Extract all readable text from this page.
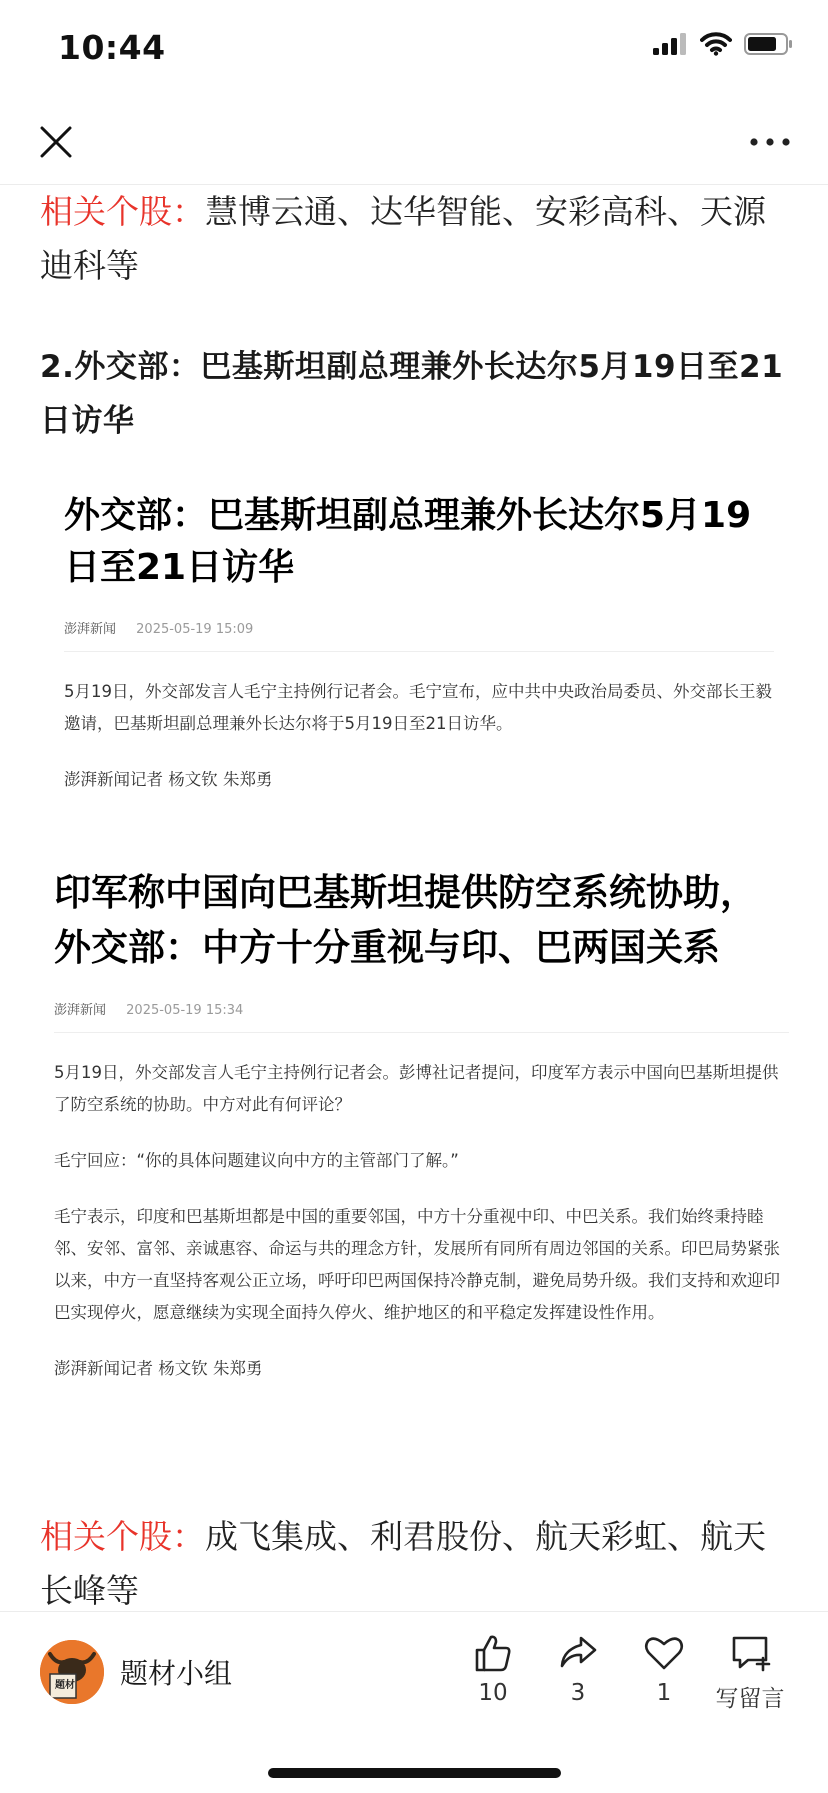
10:44
相关个股：慧博云通、达华智能、安彩高科、天源迪科等
2.外交部：巴基斯坦副总理兼外长达尔5月19日至21日访华
外交部：巴基斯坦副总理兼外长达尔5月19日至21日访华
澎湃新闻 2025-05-19 15:09
5月19日，外交部发言人毛宁主持例行记者会。毛宁宣布，应中共中央政治局委员、外交部长王毅邀请，巴基斯坦副总理兼外长达尔将于5月19日至21日访华。
澎湃新闻记者 杨文钦 朱郑勇
印军称中国向巴基斯坦提供防空系统协助，外交部：中方十分重视与印、巴两国关系
澎湃新闻 2025-05-19 15:34
5月19日，外交部发言人毛宁主持例行记者会。彭博社记者提问，印度军方表示中国向巴基斯坦提供了防空系统的协助。中方对此有何评论？
毛宁回应：“你的具体问题建议向中方的主管部门了解。”
毛宁表示，印度和巴基斯坦都是中国的重要邻国，中方十分重视中印、中巴关系。我们始终秉持睦邻、安邻、富邻、亲诚惠容、命运与共的理念方针，发展所有同所有周边邻国的关系。印巴局势紧张以来，中方一直坚持客观公正立场，呼吁印巴两国保持冷静克制，避免局势升级。我们支持和欢迎印巴实现停火，愿意继续为实现全面持久停火、维护地区的和平稳定发挥建设性作用。
澎湃新闻记者 杨文钦 朱郑勇
相关个股：成飞集成、利君股份、航天彩虹、航天长峰等
题材 题材小组
10	3	1	写留言
